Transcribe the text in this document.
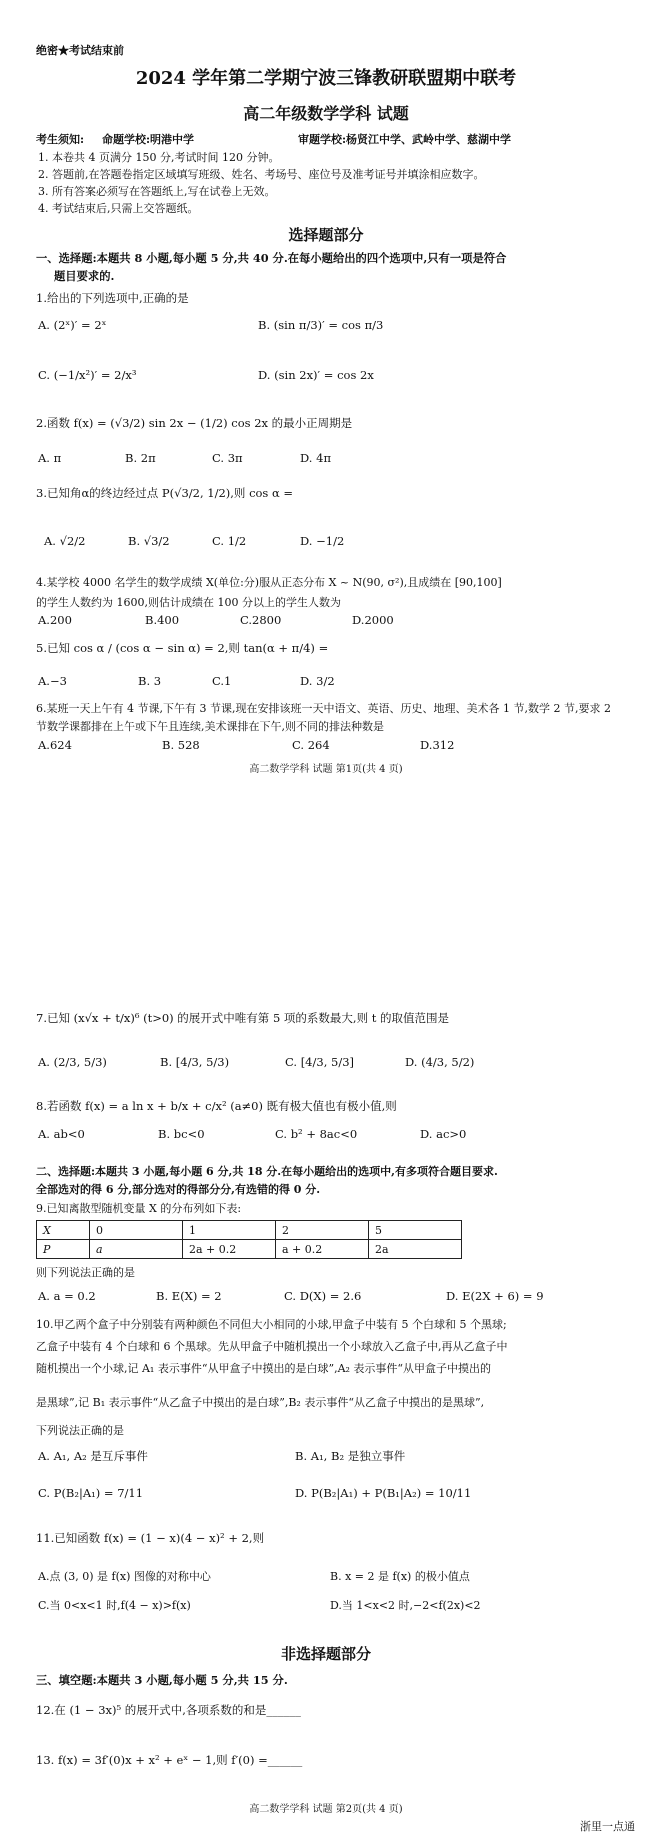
绝密★考试结束前
2024 学年第二学期宁波三锋教研联盟期中联考
高二年级数学学科 试题
考生须知: 命题学校:明港中学	审题学校:杨贤江中学、武岭中学、慈湖中学
1. 本卷共 4 页满分 150 分,考试时间 120 分钟。
2. 答题前,在答题卷指定区域填写班级、姓名、考场号、座位号及准考证号并填涂相应数字。
3. 所有答案必须写在答题纸上,写在试卷上无效。
4. 考试结束后,只需上交答题纸。
选择题部分
一、选择题:本题共 8 小题,每小题 5 分,共 40 分.在每小题给出的四个选项中,只有一项是符合
题目要求的.
1.给出的下列选项中,正确的是
A. (2ˣ)′ = 2ˣ	B. (sin π/3)′ = cos π/3
C. (−1/x²)′ = 2/x³	D. (sin 2x)′ = cos 2x
2.函数 f(x) = (√3/2) sin 2x − (1/2) cos 2x 的最小正周期是
A. π	B. 2π	C. 3π	D. 4π
3.已知角α的终边经过点 P(√3/2, 1/2),则 cos α =
A. √2/2	B. √3/2	C. 1/2	D. −1/2
4.某学校 4000 名学生的数学成绩 X(单位:分)服从正态分布 X ~ N(90, σ²),且成绩在 [90,100]
的学生人数约为 1600,则估计成绩在 100 分以上的学生人数为
A.200	B.400	C.2800	D.2000
5.已知 cos α / (cos α − sin α) = 2,则 tan(α + π/4) =
A.−3	B. 3	C.1	D. 3/2
6.某班一天上午有 4 节课,下午有 3 节课,现在安排该班一天中语文、英语、历史、地理、美术各 1 节,数学 2 节,要求 2 节数学课都排在上午或下午且连续,美术课排在下午,则不同的排法种数是
A.624	B. 528	C. 264	D.312
高二数学学科 试题 第1页(共 4 页)
7.已知 (x√x + t/x)⁶ (t>0) 的展开式中唯有第 5 项的系数最大,则 t 的取值范围是
A. (2/3, 5/3)	B. [4/3, 5/3)	C. [4/3, 5/3]	D. (4/3, 5/2)
8.若函数 f(x) = a ln x + b/x + c/x² (a≠0) 既有极大值也有极小值,则
A. ab<0	B. bc<0	C. b² + 8ac<0	D. ac>0
二、选择题:本题共 3 小题,每小题 6 分,共 18 分.在每小题给出的选项中,有多项符合题目要求.
全部选对的得 6 分,部分选对的得部分分,有选错的得 0 分.
9.已知离散型随机变量 X 的分布列如下表:
X	0	1	2	5
P	a	2a + 0.2	a + 0.2	2a
则下列说法正确的是
A. a = 0.2	B. E(X) = 2	C. D(X) = 2.6	D. E(2X + 6) = 9
10.甲乙两个盒子中分别装有两种颜色不同但大小相同的小球,甲盒子中装有 5 个白球和 5 个黑球;
乙盒子中装有 4 个白球和 6 个黑球。先从甲盒子中随机摸出一个小球放入乙盒子中,再从乙盒子中
随机摸出一个小球,记 A₁ 表示事件“从甲盒子中摸出的是白球”,A₂ 表示事件“从甲盒子中摸出的
是黑球”,记 B₁ 表示事件“从乙盒子中摸出的是白球”,B₂ 表示事件“从乙盒子中摸出的是黑球”,
下列说法正确的是
A. A₁, A₂ 是互斥事件	B. A₁, B₂ 是独立事件
C. P(B₂|A₁) = 7/11	D. P(B₂|A₁) + P(B₁|A₂) = 10/11
11.已知函数 f(x) = (1 − x)(4 − x)² + 2,则
A.点 (3, 0) 是 f(x) 图像的对称中心	B. x = 2 是 f(x) 的极小值点
C.当 0<x<1 时,f(4 − x)>f(x)	D.当 1<x<2 时,−2<f(2x)<2
非选择题部分
三、填空题:本题共 3 小题,每小题 5 分,共 15 分.
12.在 (1 − 3x)⁵ 的展开式中,各项系数的和是______
13. f(x) = 3f′(0)x + x² + eˣ − 1,则 f′(0) =______
高二数学学科 试题 第2页(共 4 页)
浙里一点通
